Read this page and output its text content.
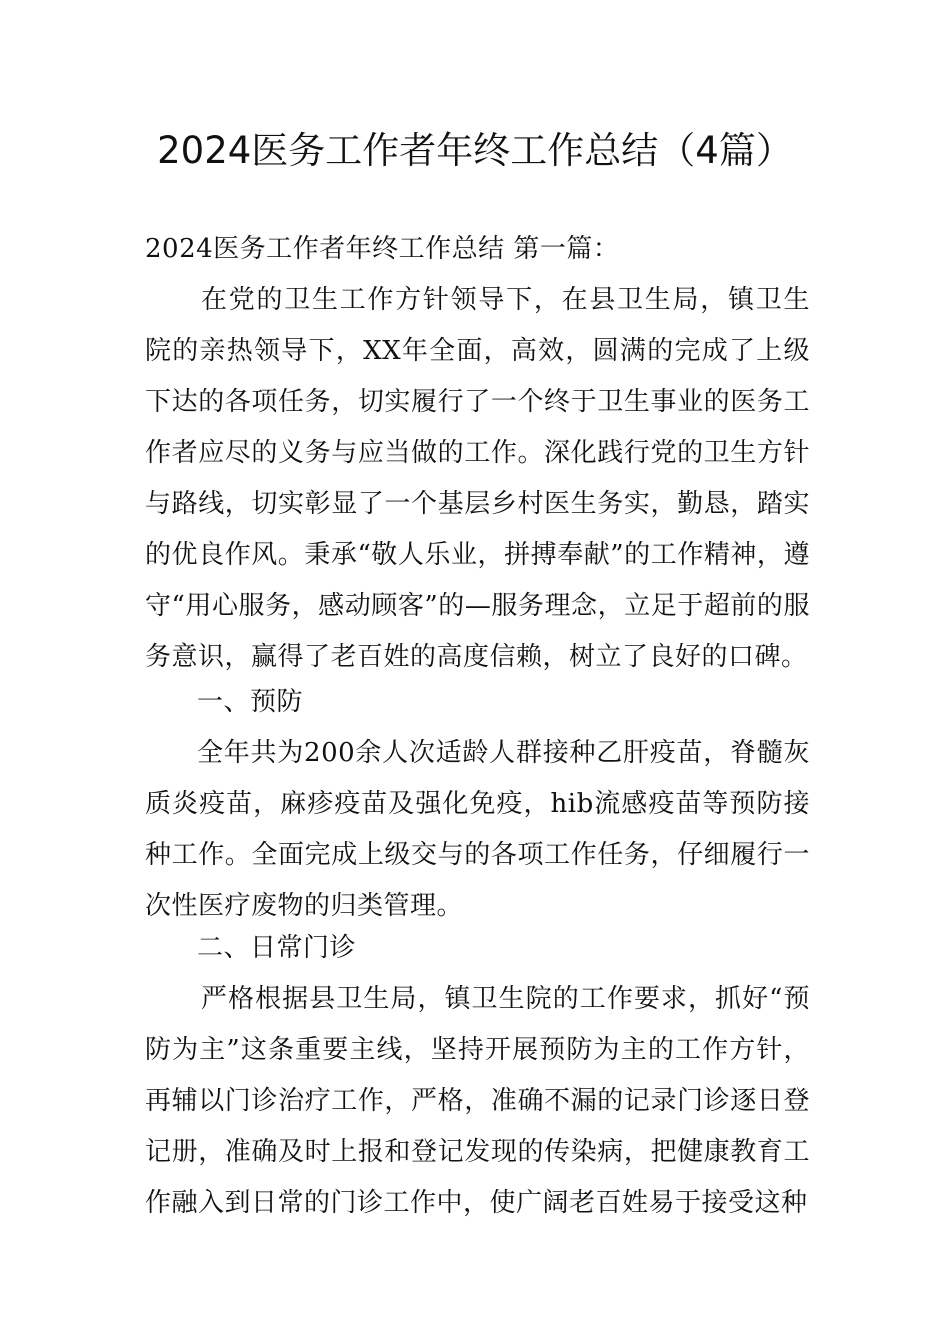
2024医务工作者年终工作总结（4篇）

2024医务工作者年终工作总结 第一篇：

在党的卫生工作方针领导下，在县卫生局，镇卫生院的亲热领导下，XX年全面，高效，圆满的完成了上级下达的各项任务，切实履行了一个终于卫生事业的医务工作者应尽的义务与应当做的工作。深化践行党的卫生方针与路线，切实彰显了一个基层乡村医生务实，勤恳，踏实的优良作风。秉承“敬人乐业，拼搏奉献”的工作精神，遵守“用心服务，感动顾客”的—服务理念，立足于超前的服务意识，赢得了老百姓的高度信赖，树立了良好的口碑。

一、预防

全年共为200余人次适龄人群接种乙肝疫苗，脊髓灰质炎疫苗，麻疹疫苗及强化免疫，hib流感疫苗等预防接种工作。全面完成上级交与的各项工作任务，仔细履行一次性医疗废物的归类管理。

二、日常门诊

严格根据县卫生局，镇卫生院的工作要求，抓好“预防为主”这条重要主线，坚持开展预防为主的工作方针，再辅以门诊治疗工作，严格，准确不漏的记录门诊逐日登记册，准确及时上报和登记发现的传染病，把健康教育工作融入到日常的门诊工作中，使广阔老百姓易于接受这种
